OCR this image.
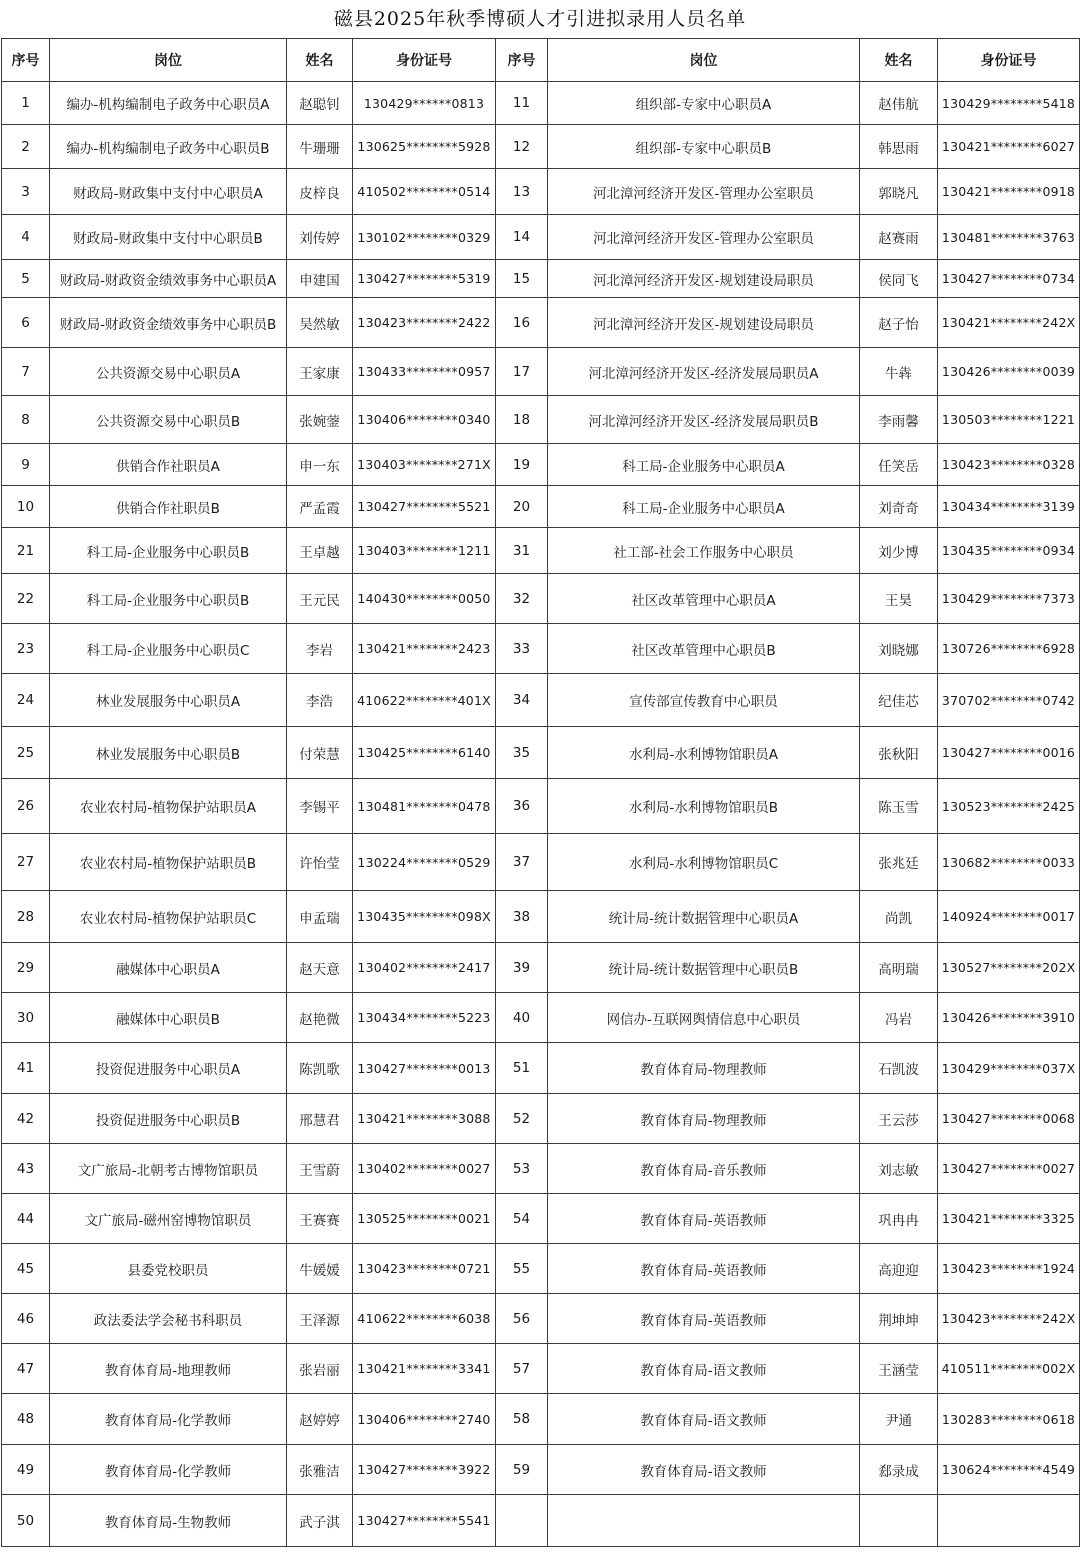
磁县2025年秋季博硕人才引进拟录用人员名单
序号	岗位	姓名	身份证号	序号	岗位	姓名	身份证号
1	编办-机构编制电子政务中心职员A	赵聪钊	130429******0813	11	组织部-专家中心职员A	赵伟航	130429********5418
2	编办-机构编制电子政务中心职员B	牛珊珊	130625********5928	12	组织部-专家中心职员B	韩思雨	130421********6027
3	财政局-财政集中支付中心职员A	皮梓良	410502********0514	13	河北漳河经济开发区-管理办公室职员	郭晓凡	130421********0918
4	财政局-财政集中支付中心职员B	刘传婷	130102********0329	14	河北漳河经济开发区-管理办公室职员	赵赛雨	130481********3763
5	财政局-财政资金绩效事务中心职员A	申建国	130427********5319	15	河北漳河经济开发区-规划建设局职员	侯同飞	130427********0734
6	财政局-财政资金绩效事务中心职员B	吴然敏	130423********2422	16	河北漳河经济开发区-规划建设局职员	赵子怡	130421********242X
7	公共资源交易中心职员A	王家康	130433********0957	17	河北漳河经济开发区-经济发展局职员A	牛犇	130426********0039
8	公共资源交易中心职员B	张婉蓥	130406********0340	18	河北漳河经济开发区-经济发展局职员B	李雨馨	130503********1221
9	供销合作社职员A	申一东	130403********271X	19	科工局-企业服务中心职员A	任笑岳	130423********0328
10	供销合作社职员B	严孟霞	130427********5521	20	科工局-企业服务中心职员A	刘奇奇	130434********3139
21	科工局-企业服务中心职员B	王卓越	130403********1211	31	社工部-社会工作服务中心职员	刘少博	130435********0934
22	科工局-企业服务中心职员B	王元民	140430********0050	32	社区改革管理中心职员A	王昊	130429********7373
23	科工局-企业服务中心职员C	李岩	130421********2423	33	社区改革管理中心职员B	刘晓娜	130726********6928
24	林业发展服务中心职员A	李浩	410622********401X	34	宣传部宣传教育中心职员	纪佳芯	370702********0742
25	林业发展服务中心职员B	付荣慧	130425********6140	35	水利局-水利博物馆职员A	张秋阳	130427********0016
26	农业农村局-植物保护站职员A	李锡平	130481********0478	36	水利局-水利博物馆职员B	陈玉雪	130523********2425
27	农业农村局-植物保护站职员B	许怡莹	130224********0529	37	水利局-水利博物馆职员C	张兆廷	130682********0033
28	农业农村局-植物保护站职员C	申孟瑞	130435********098X	38	统计局-统计数据管理中心职员A	尚凯	140924********0017
29	融媒体中心职员A	赵天意	130402********2417	39	统计局-统计数据管理中心职员B	高明瑞	130527********202X
30	融媒体中心职员B	赵艳微	130434********5223	40	网信办-互联网舆情信息中心职员	冯岩	130426********3910
41	投资促进服务中心职员A	陈凯歌	130427********0013	51	教育体育局-物理教师	石凯波	130429********037X
42	投资促进服务中心职员B	邢慧君	130421********3088	52	教育体育局-物理教师	王云莎	130427********0068
43	文广旅局-北朝考古博物馆职员	王雪蔚	130402********0027	53	教育体育局-音乐教师	刘志敏	130427********0027
44	文广旅局-磁州窑博物馆职员	王赛赛	130525********0021	54	教育体育局-英语教师	巩冉冉	130421********3325
45	县委党校职员	牛媛媛	130423********0721	55	教育体育局-英语教师	高迎迎	130423********1924
46	政法委法学会秘书科职员	王泽源	410622********6038	56	教育体育局-英语教师	荆坤坤	130423********242X
47	教育体育局-地理教师	张岩丽	130421********3341	57	教育体育局-语文教师	王涵莹	410511********002X
48	教育体育局-化学教师	赵婷婷	130406********2740	58	教育体育局-语文教师	尹通	130283********0618
49	教育体育局-化学教师	张雅洁	130427********3922	59	教育体育局-语文教师	郄录成	130624********4549
50	教育体育局-生物教师	武子淇	130427********5541				
